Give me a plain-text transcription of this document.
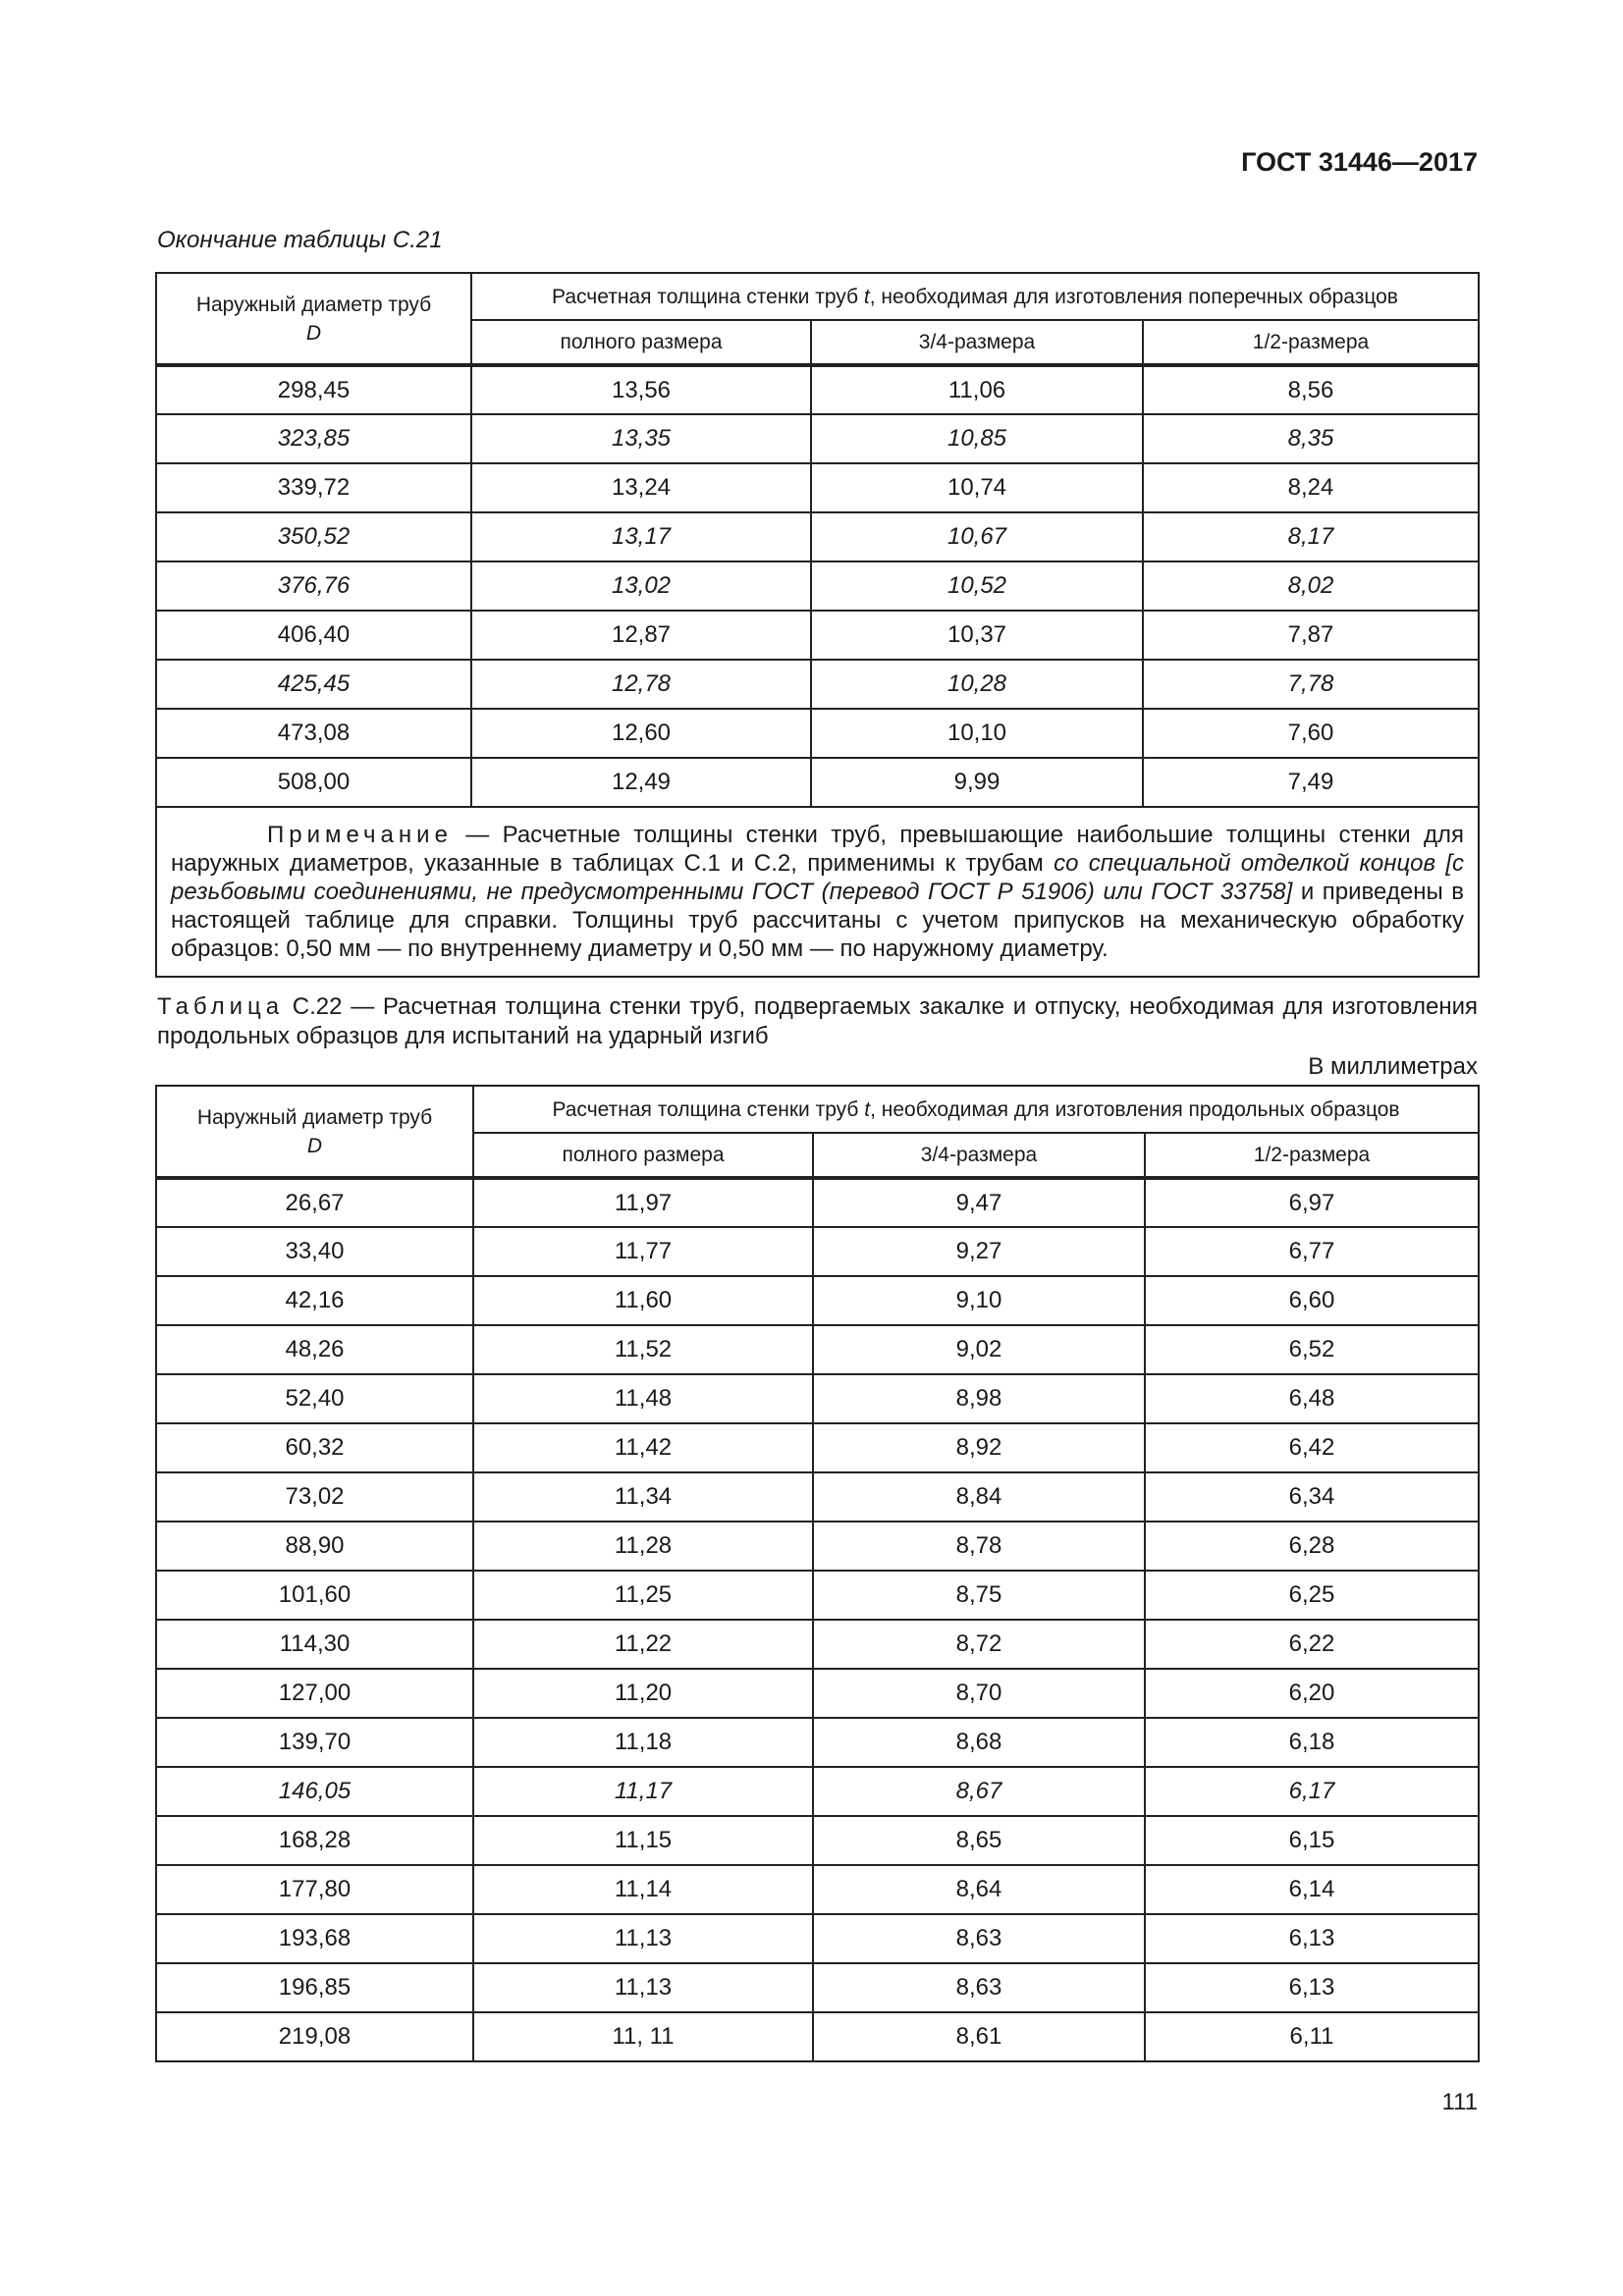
ГОСТ 31446—2017
Окончание таблицы С.21
Наружный диаметр труб
D	Расчетная толщина стенки труб t, необходимая для изготовления поперечных образцов		
	полного размера	3/4-размера	1/2-размера
298,45	13,56	11,06	8,56
323,85	13,35	10,85	8,35
339,72	13,24	10,74	8,24
350,52	13,17	10,67	8,17
376,76	13,02	10,52	8,02
406,40	12,87	10,37	7,87
425,45	12,78	10,28	7,78
473,08	12,60	10,10	7,60
508,00	12,49	9,99	7,49
Примечание — Расчетные толщины стенки труб, превышающие наибольшие толщины стенки для наружных диаметров, указанные в таблицах С.1 и С.2, применимы к трубам со специальной отделкой концов [с резьбовыми соединениями, не предусмотренными ГОСТ (перевод ГОСТ Р 51906) или ГОСТ 33758] и приведены в настоящей таблице для справки. Толщины труб рассчитаны с учетом припусков на механическую обработку образцов: 0,50 мм — по внутреннему диаметру и 0,50 мм — по наружному диаметру.			
Таблица С.22 — Расчетная толщина стенки труб, подвергаемых закалке и отпуску, необходимая для изготовления продольных образцов для испытаний на ударный изгиб
В миллиметрах
Наружный диаметр труб
D	Расчетная толщина стенки труб t, необходимая для изготовления продольных образцов		
	полного размера	3/4-размера	1/2-размера
26,67	11,97	9,47	6,97
33,40	11,77	9,27	6,77
42,16	11,60	9,10	6,60
48,26	11,52	9,02	6,52
52,40	11,48	8,98	6,48
60,32	11,42	8,92	6,42
73,02	11,34	8,84	6,34
88,90	11,28	8,78	6,28
101,60	11,25	8,75	6,25
114,30	11,22	8,72	6,22
127,00	11,20	8,70	6,20
139,70	11,18	8,68	6,18
146,05	11,17	8,67	6,17
168,28	11,15	8,65	6,15
177,80	11,14	8,64	6,14
193,68	11,13	8,63	6,13
196,85	11,13	8,63	6,13
219,08	11, 11	8,61	6,11
111
